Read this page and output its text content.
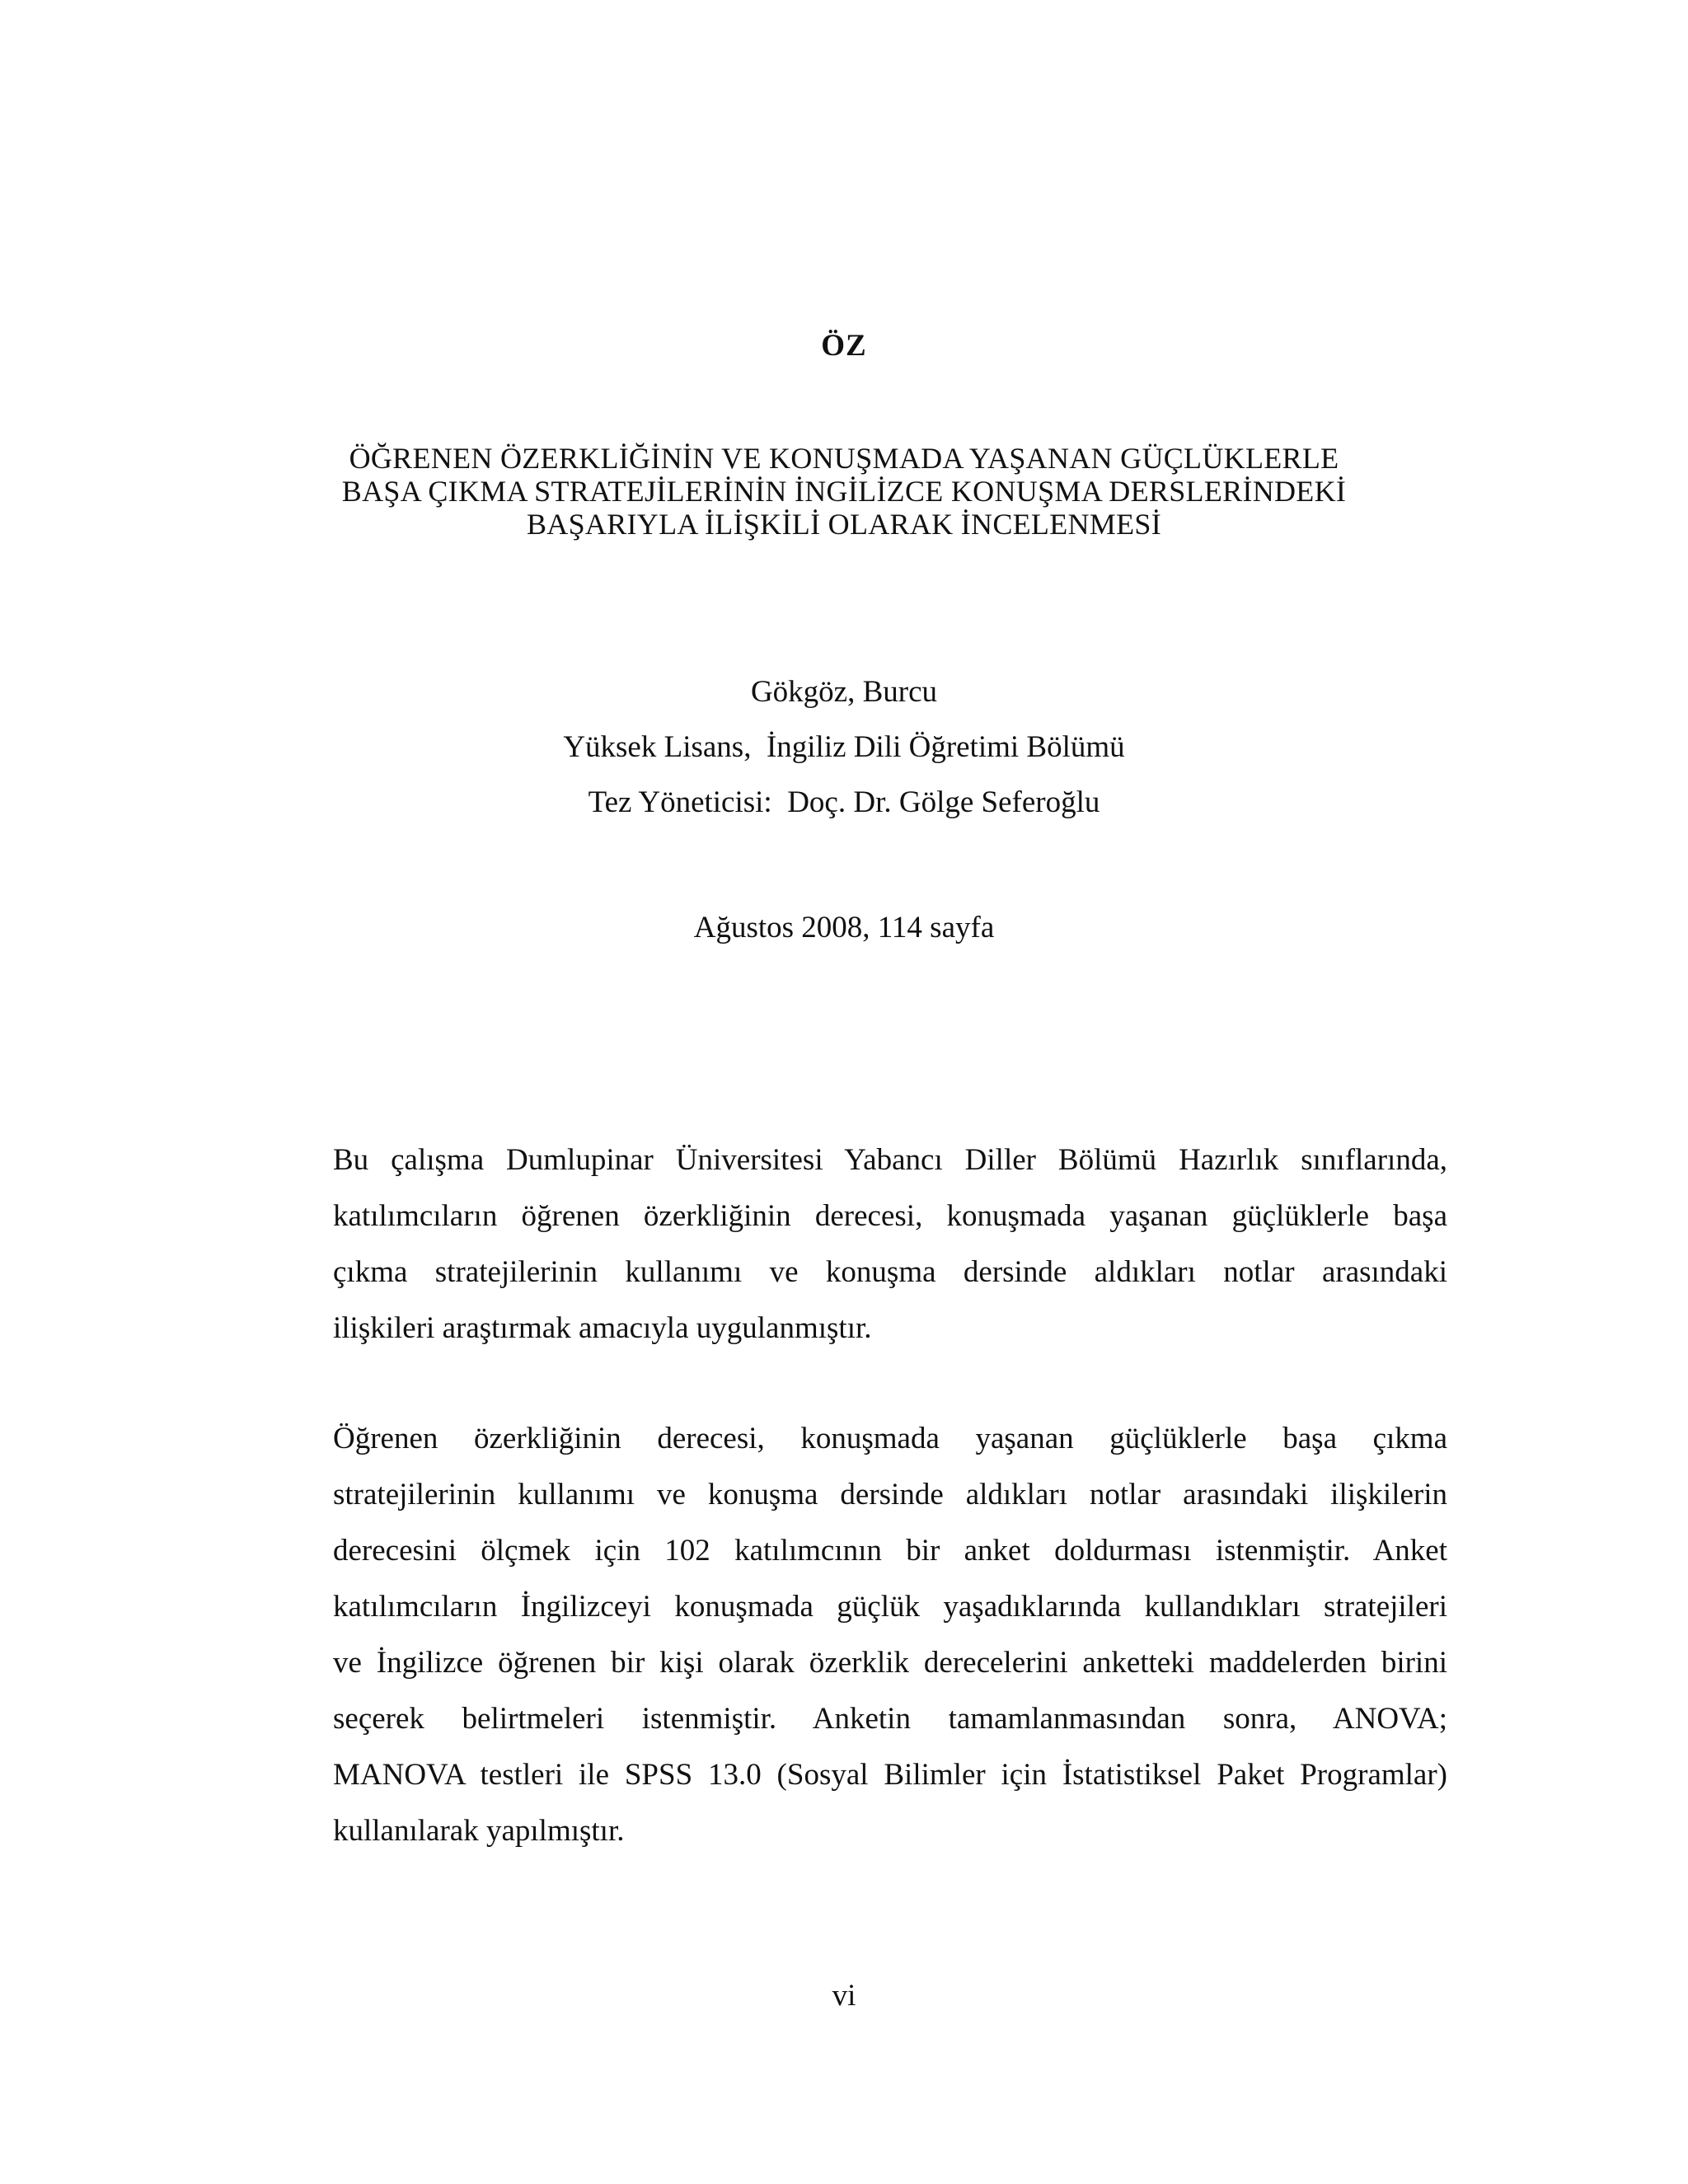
ÖZ
ÖĞRENEN ÖZERKLİĞİNİN VE KONUŞMADA YAŞANAN GÜÇLÜKLERLE
BAŞA ÇIKMA STRATEJİLERİNİN İNGİLİZCE KONUŞMA DERSLERİNDEKİ
BAŞARIYLA İLİŞKİLİ OLARAK İNCELENMESİ
Gökgöz, Burcu
Yüksek Lisans,  İngiliz Dili Öğretimi Bölümü
Tez Yöneticisi:  Doç. Dr. Gölge Seferoğlu
Ağustos 2008, 114 sayfa
Bu çalışma Dumlupinar Üniversitesi Yabancı Diller Bölümü Hazırlık sınıflarında,
katılımcıların öğrenen özerkliğinin derecesi, konuşmada yaşanan güçlüklerle başa
çıkma stratejilerinin kullanımı ve konuşma dersinde aldıkları notlar arasındaki
ilişkileri araştırmak amacıyla uygulanmıştır.
Öğrenen özerkliğinin derecesi, konuşmada yaşanan güçlüklerle başa çıkma
stratejilerinin kullanımı ve konuşma dersinde aldıkları notlar arasındaki ilişkilerin
derecesini ölçmek için 102 katılımcının bir anket doldurması istenmiştir. Anket
katılımcıların İngilizceyi konuşmada güçlük yaşadıklarında kullandıkları stratejileri
ve İngilizce öğrenen bir kişi olarak özerklik derecelerini anketteki maddelerden birini
seçerek belirtmeleri istenmiştir. Anketin tamamlanmasından sonra, ANOVA;
MANOVA testleri ile SPSS 13.0 (Sosyal Bilimler için İstatistiksel Paket Programlar)
kullanılarak yapılmıştır.
vi
